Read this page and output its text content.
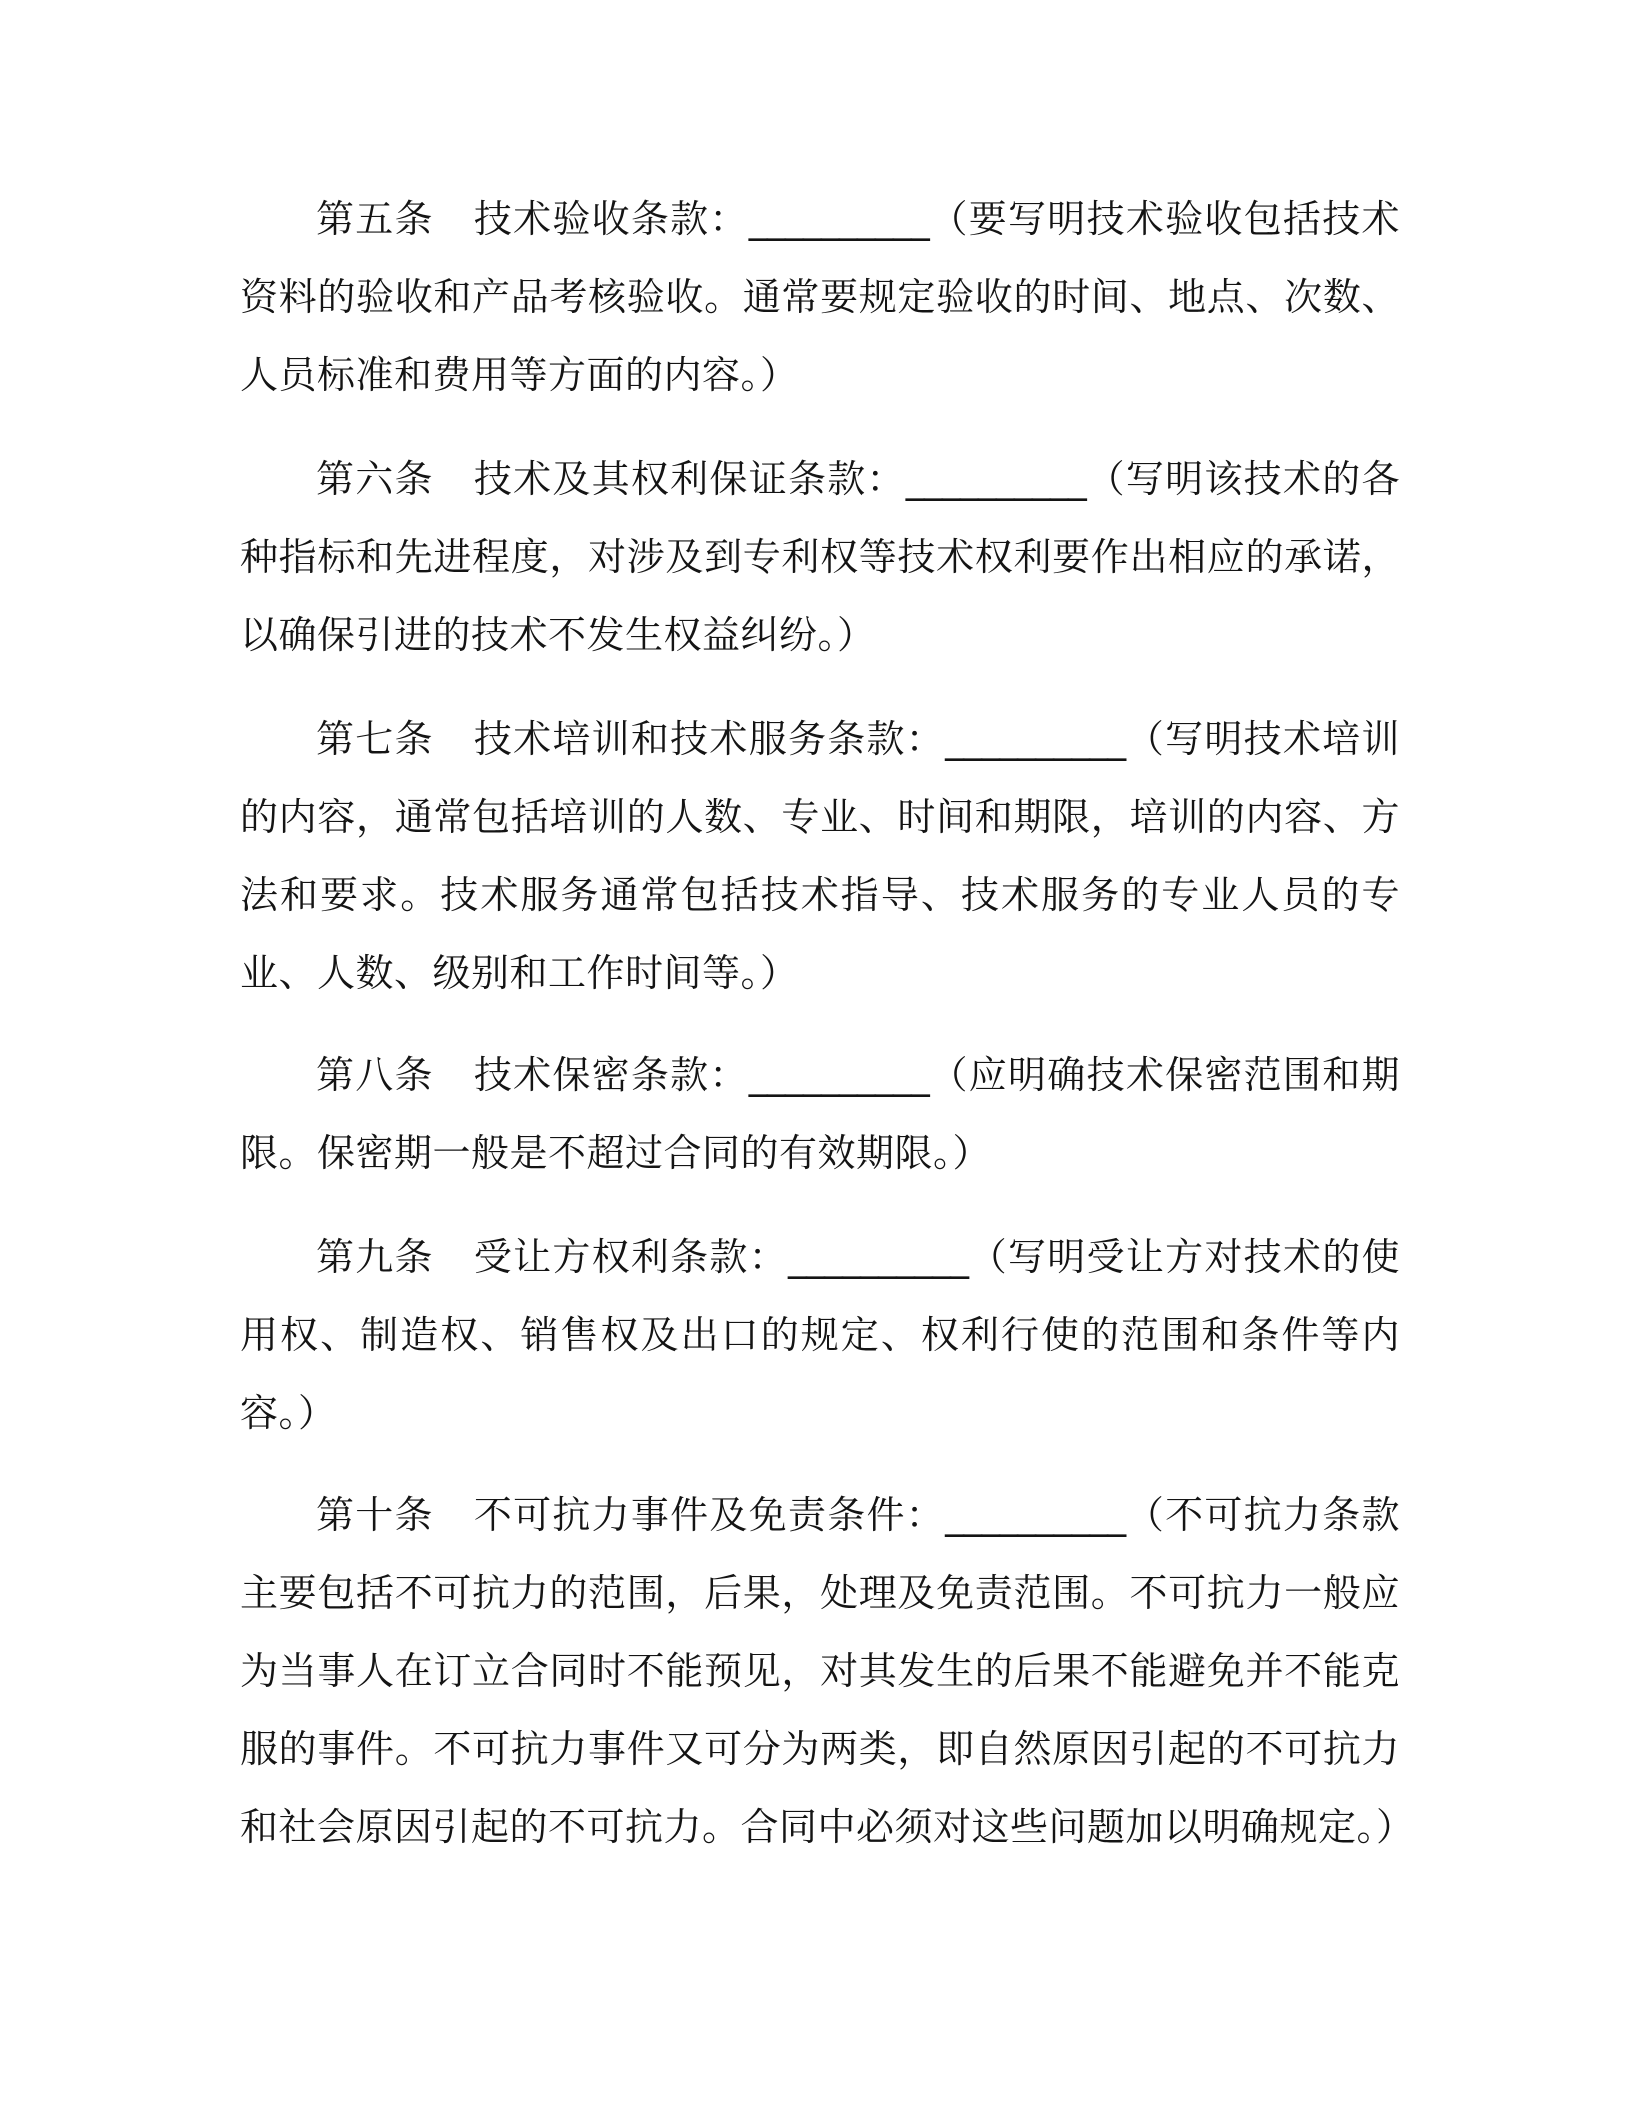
第五条 技术验收条款：__________（要写明技术验收包括技术资料的验收和产品考核验收。通常要规定验收的时间、地点、次数、人员标准和费用等方面的内容。）

第六条 技术及其权利保证条款：__________（写明该技术的各种指标和先进程度，对涉及到专利权等技术权利要作出相应的承诺，以确保引进的技术不发生权益纠纷。）

第七条 技术培训和技术服务条款：__________（写明技术培训的内容，通常包括培训的人数、专业、时间和期限，培训的内容、方法和要求。技术服务通常包括技术指导、技术服务的专业人员的专业、人数、级别和工作时间等。）

第八条 技术保密条款：__________（应明确技术保密范围和期限。保密期一般是不超过合同的有效期限。）

第九条 受让方权利条款：__________（写明受让方对技术的使用权、制造权、销售权及出口的规定、权利行使的范围和条件等内容。）

第十条 不可抗力事件及免责条件：__________（不可抗力条款主要包括不可抗力的范围，后果，处理及免责范围。不可抗力一般应为当事人在订立合同时不能预见，对其发生的后果不能避免并不能克服的事件。不可抗力事件又可分为两类，即自然原因引起的不可抗力和社会原因引起的不可抗力。合同中必须对这些问题加以明确规定。）
